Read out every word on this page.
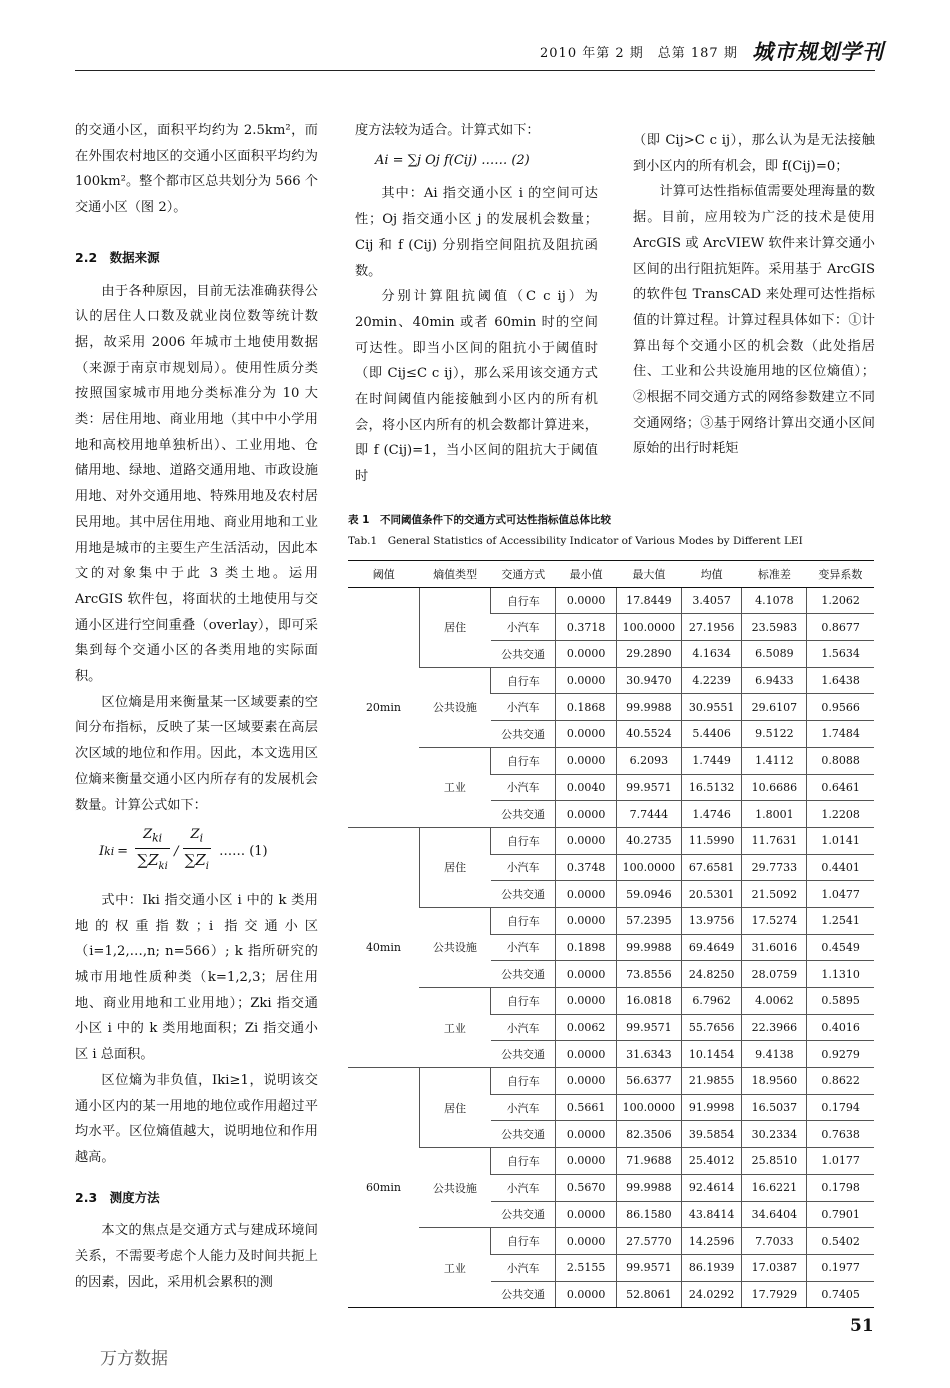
2010 年第 2 期　总第 187 期 城市规划学刊

的交通小区，面积平均约为 2.5km²，而在外围农村地区的交通小区面积平均约为 100km²。整个都市区总共划分为 566 个交通小区（图 2）。

2.2　数据来源

由于各种原因，目前无法准确获得公认的居住人口数及就业岗位数等统计数据，故采用 2006 年城市土地使用数据（来源于南京市规划局）。使用性质分类按照国家城市用地分类标准分为 10 大类：居住用地、商业用地（其中中小学用地和高校用地单独析出）、工业用地、仓储用地、绿地、道路交通用地、市政设施用地、对外交通用地、特殊用地及农村居民用地。其中居住用地、商业用地和工业用地是城市的主要生产生活活动，因此本文的对象集中于此 3 类土地。运用 ArcGIS 软件包，将面状的土地使用与交通小区进行空间重叠（overlay），即可采集到每个交通小区的各类用地的实际面积。

区位熵是用来衡量某一区域要素的空间分布指标，反映了某一区域要素在高层次区域的地位和作用。因此，本文选用区位熵来衡量交通小区内所存有的发展机会数量。计算公式如下：

I ki = $\frac{Z_{ki}}{\sum Z_{ki}} / \frac{Z_i}{\sum Z_i}$ …… (1)

式中：Iki 指交通小区 i 中的 k 类用地的权重指数；i 指交通小区（i=1,2,…,n; n=566）; k 指所研究的城市用地性质种类（k=1,2,3；居住用地、商业用地和工业用地）；Zki 指交通小区 i 中的 k 类用地面积；Zi 指交通小区 i 总面积。

区位熵为非负值，Iki≥1，说明该交通小区内的某一用地的地位或作用超过平均水平。区位熵值越大，说明地位和作用越高。

2.3　测度方法

本文的焦点是交通方式与建成环境间关系，不需要考虑个人能力及时间共扼上的因素，因此，采用机会累积的测

度方法较为适合。计算式如下：

Ai = ∑j Oj f(Cij) …… (2)

其中：Ai 指交通小区 i 的空间可达性；Oj 指交通小区 j 的发展机会数量；Cij 和 f (Cij) 分别指空间阻抗及阻抗函数。

分别计算阻抗阈值（C c ij）为 20min、40min 或者 60min 时的空间可达性。即当小区间的阻抗小于阈值时（即 Cij≤C c ij），那么采用该交通方式在时间阈值内能接触到小区内的所有机会，将小区内所有的机会数都计算进来，即 f (Cij)=1，当小区间的阻抗大于阈值时

（即 Cij>C c ij），那么认为是无法接触到小区内的所有机会，即 f(Cij)=0；

计算可达性指标值需要处理海量的数据。目前，应用较为广泛的技术是使用 ArcGIS 或 ArcVIEW 软件来计算交通小区间的出行阻抗矩阵。采用基于 ArcGIS 的软件包 TransCAD 来处理可达性指标值的计算过程。计算过程具体如下：①计算出每个交通小区的机会数（此处指居住、工业和公共设施用地的区位熵值）；②根据不同交通方式的网络参数建立不同交通网络；③基于网络计算出交通小区间原始的出行时耗矩

表 1　不同阈值条件下的交通方式可达性指标值总体比较
Tab.1　General Statistics of Accessibility Indicator of Various Modes by Different LEI
阈值	熵值类型	交通方式	最小值	最大值	均值	标准差	变异系数
20min	居住	自行车	0.0000	17.8449	3.4057	4.1078	1.2062
		小汽车	0.3718	100.0000	27.1956	23.5983	0.8677
		公共交通	0.0000	29.2890	4.1634	6.5089	1.5634
	公共设施	自行车	0.0000	30.9470	4.2239	6.9433	1.6438
		小汽车	0.1868	99.9988	30.9551	29.6107	0.9566
		公共交通	0.0000	40.5524	5.4406	9.5122	1.7484
	工业	自行车	0.0000	6.2093	1.7449	1.4112	0.8088
		小汽车	0.0040	99.9571	16.5132	10.6686	0.6461
		公共交通	0.0000	7.7444	1.4746	1.8001	1.2208
40min	居住	自行车	0.0000	40.2735	11.5990	11.7631	1.0141
		小汽车	0.3748	100.0000	67.6581	29.7733	0.4401
		公共交通	0.0000	59.0946	20.5301	21.5092	1.0477
	公共设施	自行车	0.0000	57.2395	13.9756	17.5274	1.2541
		小汽车	0.1898	99.9988	69.4649	31.6016	0.4549
		公共交通	0.0000	73.8556	24.8250	28.0759	1.1310
	工业	自行车	0.0000	16.0818	6.7962	4.0062	0.5895
		小汽车	0.0062	99.9571	55.7656	22.3966	0.4016
		公共交通	0.0000	31.6343	10.1454	9.4138	0.9279
60min	居住	自行车	0.0000	56.6377	21.9855	18.9560	0.8622
		小汽车	0.5661	100.0000	91.9998	16.5037	0.1794
		公共交通	0.0000	82.3506	39.5854	30.2334	0.7638
	公共设施	自行车	0.0000	71.9688	25.4012	25.8510	1.0177
		小汽车	0.5670	99.9988	92.4614	16.6221	0.1798
		公共交通	0.0000	86.1580	43.8414	34.6404	0.7901
	工业	自行车	0.0000	27.5770	14.2596	7.7033	0.5402
		小汽车	2.5155	99.9571	86.1939	17.0387	0.1977
		公共交通	0.0000	52.8061	24.0292	17.7929	0.7405
51
万方数据
